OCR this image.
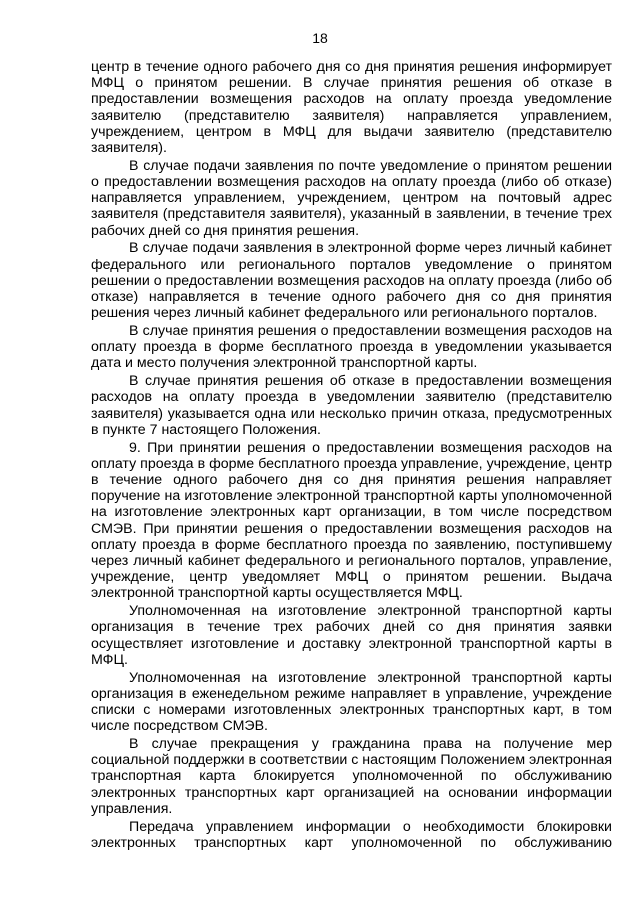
18

центр в течение одного рабочего дня со дня принятия решения информирует МФЦ о принятом решении. В случае принятия решения об отказе в предоставлении возмещения расходов на оплату проезда уведомление заявителю (представителю заявителя) направляется управлением, учреждением, центром в МФЦ для выдачи заявителю (представителю заявителя).

В случае подачи заявления по почте уведомление о принятом решении о предоставлении возмещения расходов на оплату проезда (либо об отказе) направляется управлением, учреждением, центром на почтовый адрес заявителя (представителя заявителя), указанный в заявлении, в течение трех рабочих дней со дня принятия решения.

В случае подачи заявления в электронной форме через личный кабинет федерального или регионального порталов уведомление о принятом решении о предоставлении возмещения расходов на оплату проезда (либо об отказе) направляется в течение одного рабочего дня со дня принятия решения через личный кабинет федерального или регионального порталов.

В случае принятия решения о предоставлении возмещения расходов на оплату проезда в форме бесплатного проезда в уведомлении указывается дата и место получения электронной транспортной карты.

В случае принятия решения об отказе в предоставлении возмещения расходов на оплату проезда в уведомлении заявителю (представителю заявителя) указывается одна или несколько причин отказа, предусмотренных в пункте 7 настоящего Положения.

9. При принятии решения о предоставлении возмещения расходов на оплату проезда в форме бесплатного проезда управление, учреждение, центр в течение одного рабочего дня со дня принятия решения направляет поручение на изготовление электронной транспортной карты уполномоченной на изготовление электронных карт организации, в том числе посредством СМЭВ. При принятии решения о предоставлении возмещения расходов на оплату проезда в форме бесплатного проезда по заявлению, поступившему через личный кабинет федерального и регионального порталов, управление, учреждение, центр уведомляет МФЦ о принятом решении. Выдача электронной транспортной карты осуществляется МФЦ.

Уполномоченная на изготовление электронной транспортной карты организация в течение трех рабочих дней со дня принятия заявки осуществляет изготовление и доставку электронной транспортной карты в МФЦ.

Уполномоченная на изготовление электронной транспортной карты организация в еженедельном режиме направляет в управление, учреждение списки с номерами изготовленных электронных транспортных карт, в том числе посредством СМЭВ.

В случае прекращения у гражданина права на получение мер социальной поддержки в соответствии с настоящим Положением электронная транспортная карта блокируется уполномоченной по обслуживанию электронных транспортных карт организацией на основании информации управления.

Передача управлением информации о необходимости блокировки электронных транспортных карт уполномоченной по обслуживанию
